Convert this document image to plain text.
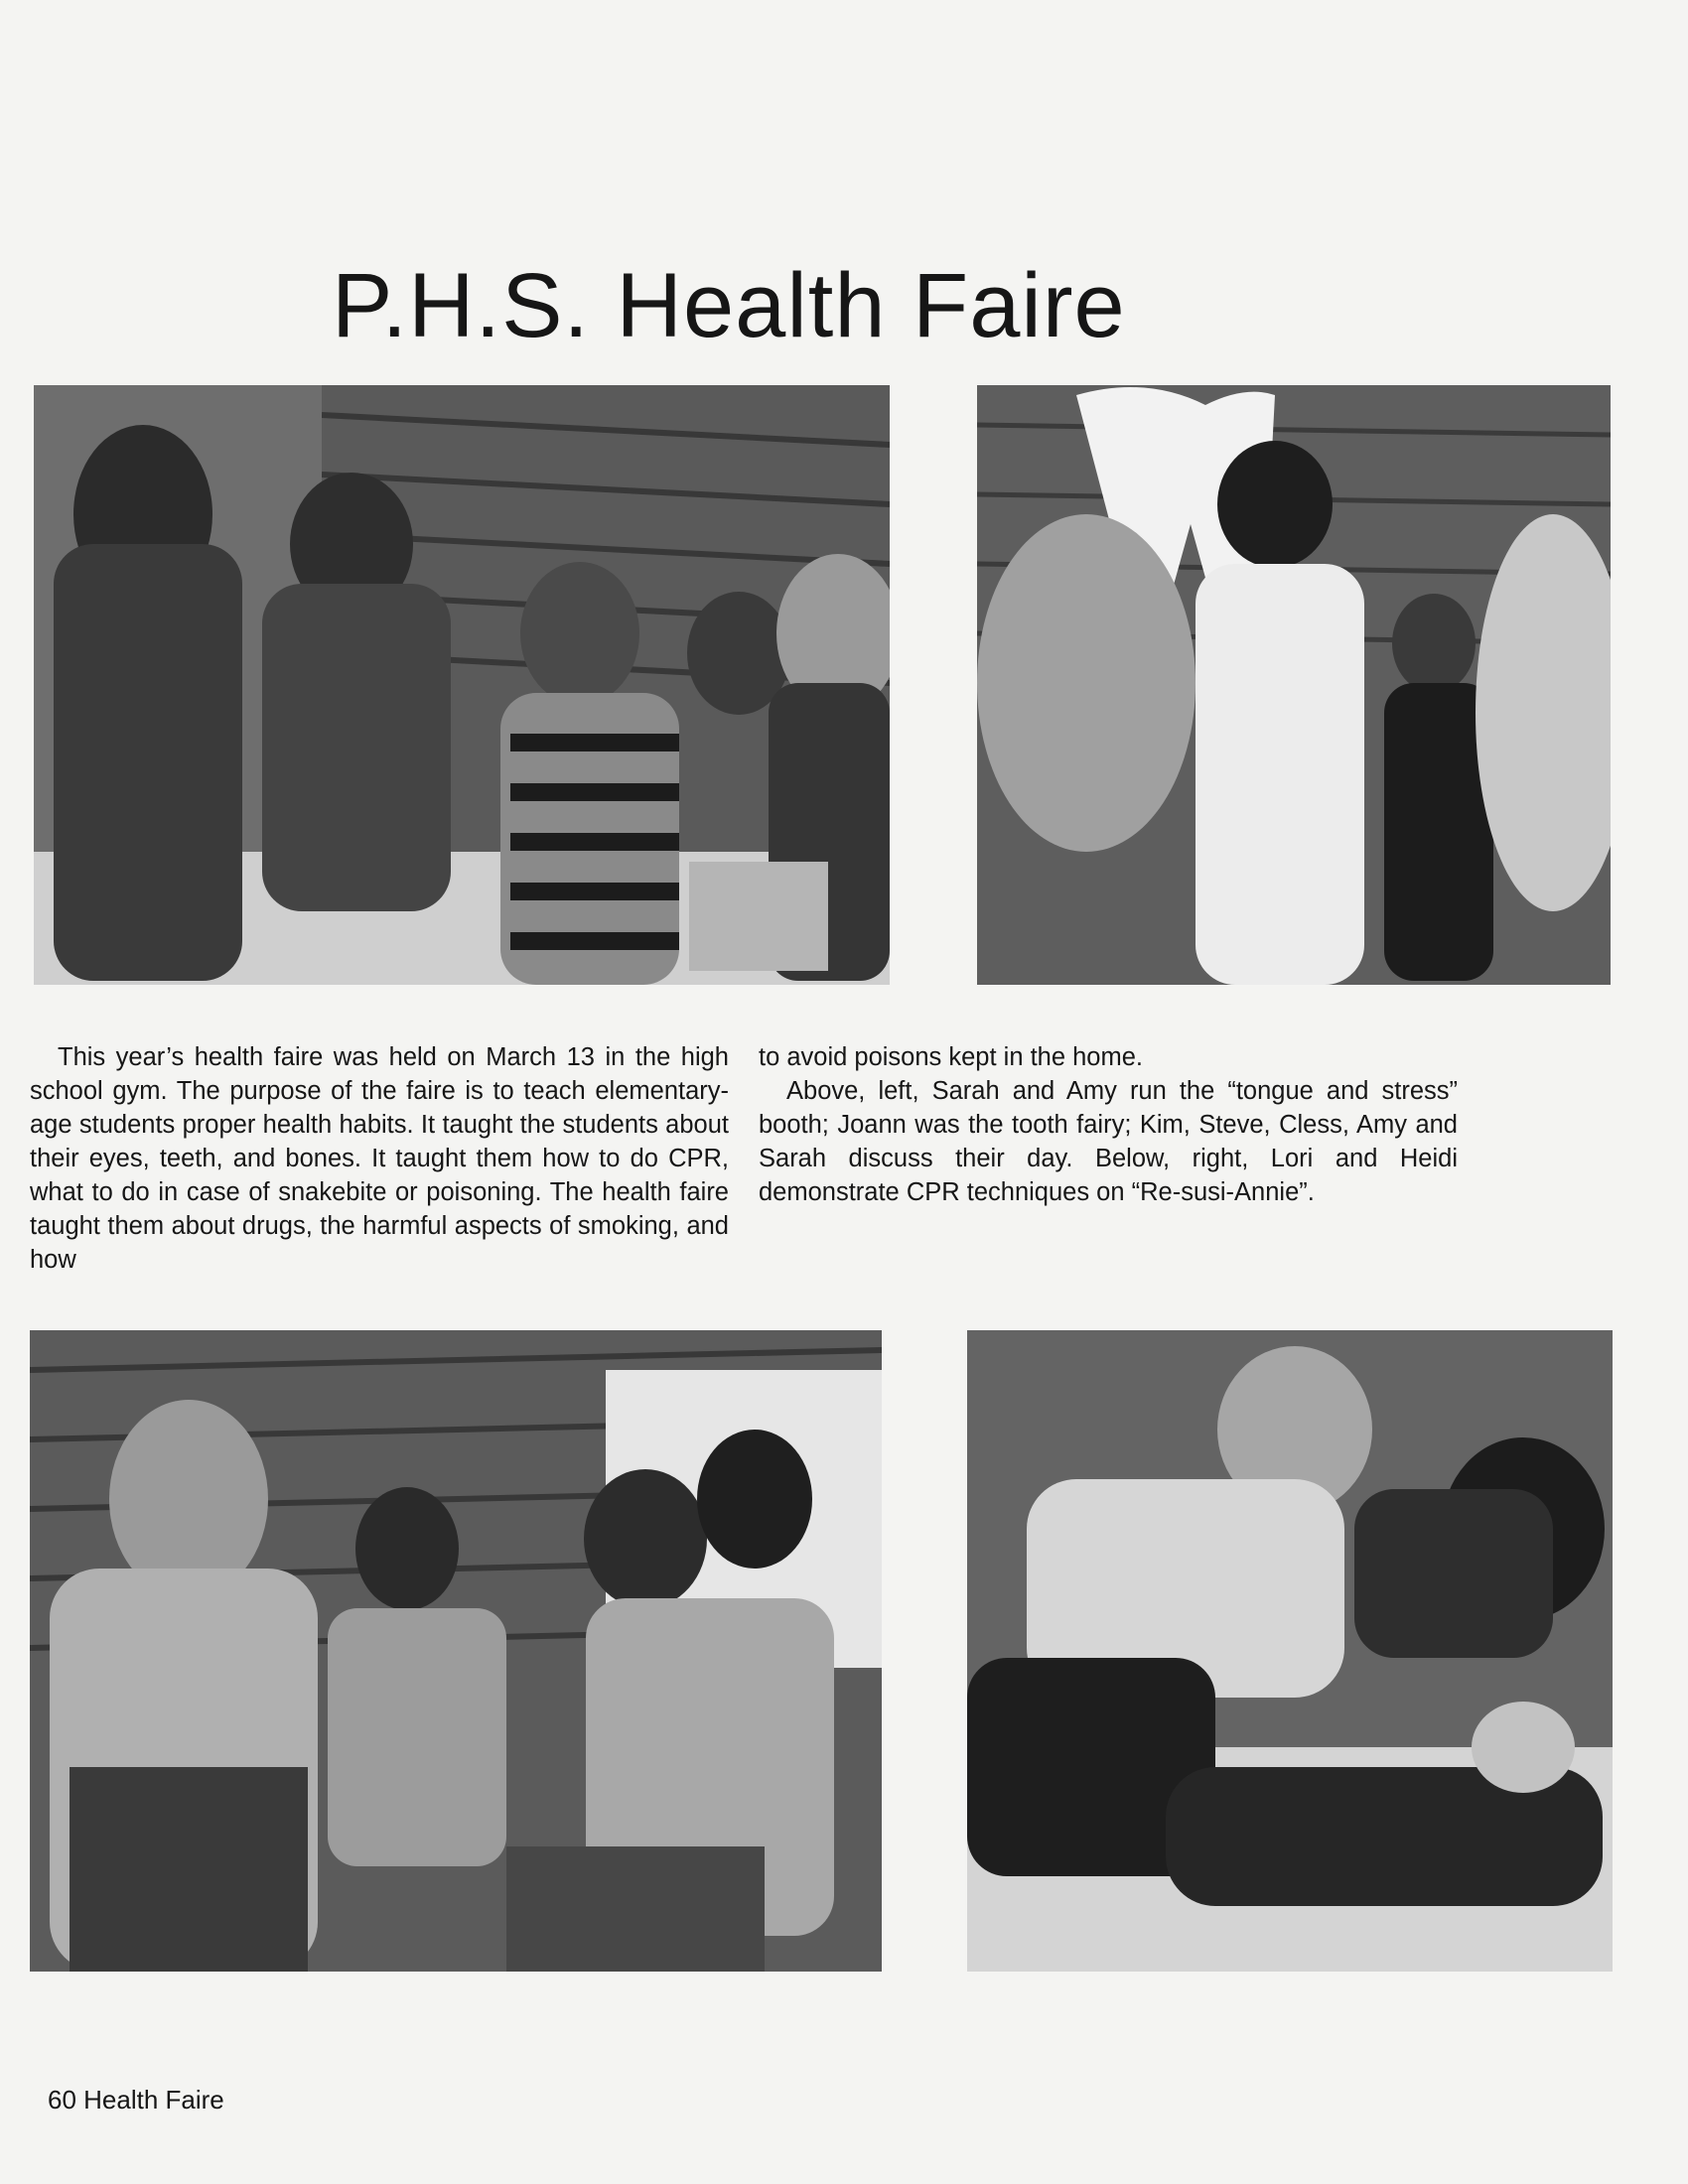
P.H.S. Health Faire

This year’s health faire was held on March 13 in the high school gym. The purpose of the faire is to teach elementary-age students proper health habits. It taught the students about their eyes, teeth, and bones. It taught them how to do CPR, what to do in case of snakebite or poisoning. The health faire taught them about drugs, the harmful aspects of smoking, and how

to avoid poisons kept in the home.

Above, left, Sarah and Amy run the “tongue and stress” booth; Joann was the tooth fairy; Kim, Steve, Cless, Amy and Sarah discuss their day. Below, right, Lori and Heidi demonstrate CPR techniques on “Re-susi-Annie”.

60 Health Faire
